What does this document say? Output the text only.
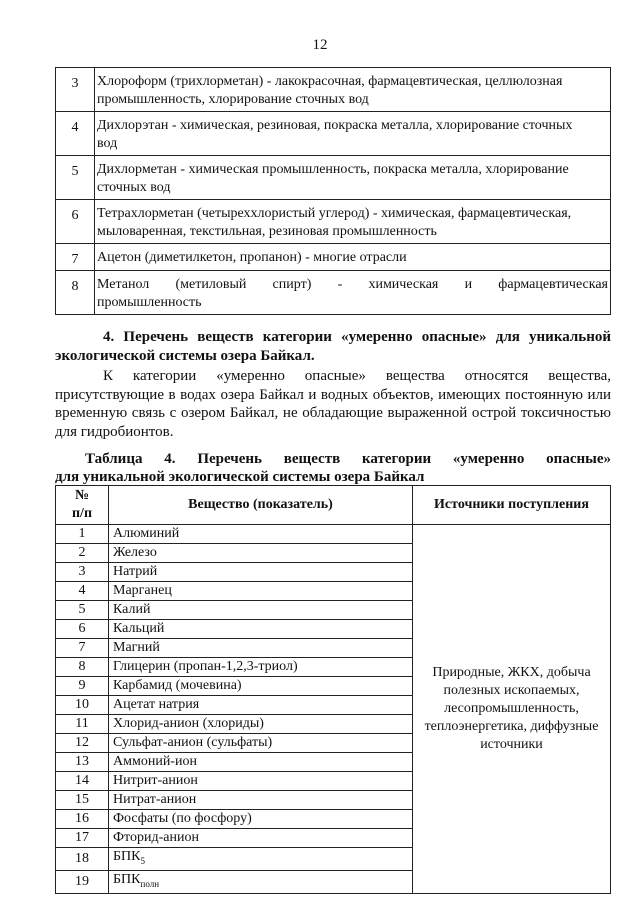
12
3	Хлороформ (трихлорметан) - лакокрасочная, фармацевтическая, целлюлозная
промышленность, хлорирование сточных вод

4	Дихлорэтан - химическая, резиновая, покраска металла, хлорирование сточных
вод

5	Дихлорметан - химическая промышленность, покраска металла, хлорирование
сточных вод

6	Тетрахлорметан (четыреххлористый углерод) - химическая, фармацевтическая,
мыловаренная, текстильная, резиновая промышленность

7	Ацетон (диметилкетон, пропанон) - многие отрасли
8	Метанол (метиловый спирт) - химическая и фармацевтическая
промышленность
4. Перечень веществ категории «умеренно опасные» для уникальной
экологической системы озера Байкал.
К категории «умеренно опасные» вещества относятся вещества,
присутствующие в водах озера Байкал и водных объектов, имеющих постоянную или
временную связь с озером Байкал, не обладающие выраженной острой токсичностью
для гидробионтов.
Таблица 4. Перечень веществ категории «умеренно опасные»
для уникальной экологической системы озера Байкал
№
п/п	Вещество (показатель)	Источники поступления
1	Алюминий	Природные, ЖКХ, добыча полезных ископаемых, лесопромышленность, теплоэнергетика, диффузные источники
2	Железо	
3	Натрий	
4	Марганец	
5	Калий	
6	Кальций	
7	Магний	
8	Глицерин (пропан-1,2,3-триол)	
9	Карбамид (мочевина)	
10	Ацетат натрия	
11	Хлорид-анион (хлориды)	
12	Сульфат-анион (сульфаты)	
13	Аммоний-ион	
14	Нитрит-анион	
15	Нитрат-анион	
16	Фосфаты (по фосфору)	
17	Фторид-анион	
18	$БПК_5$
19	$БПК_{полн}$
